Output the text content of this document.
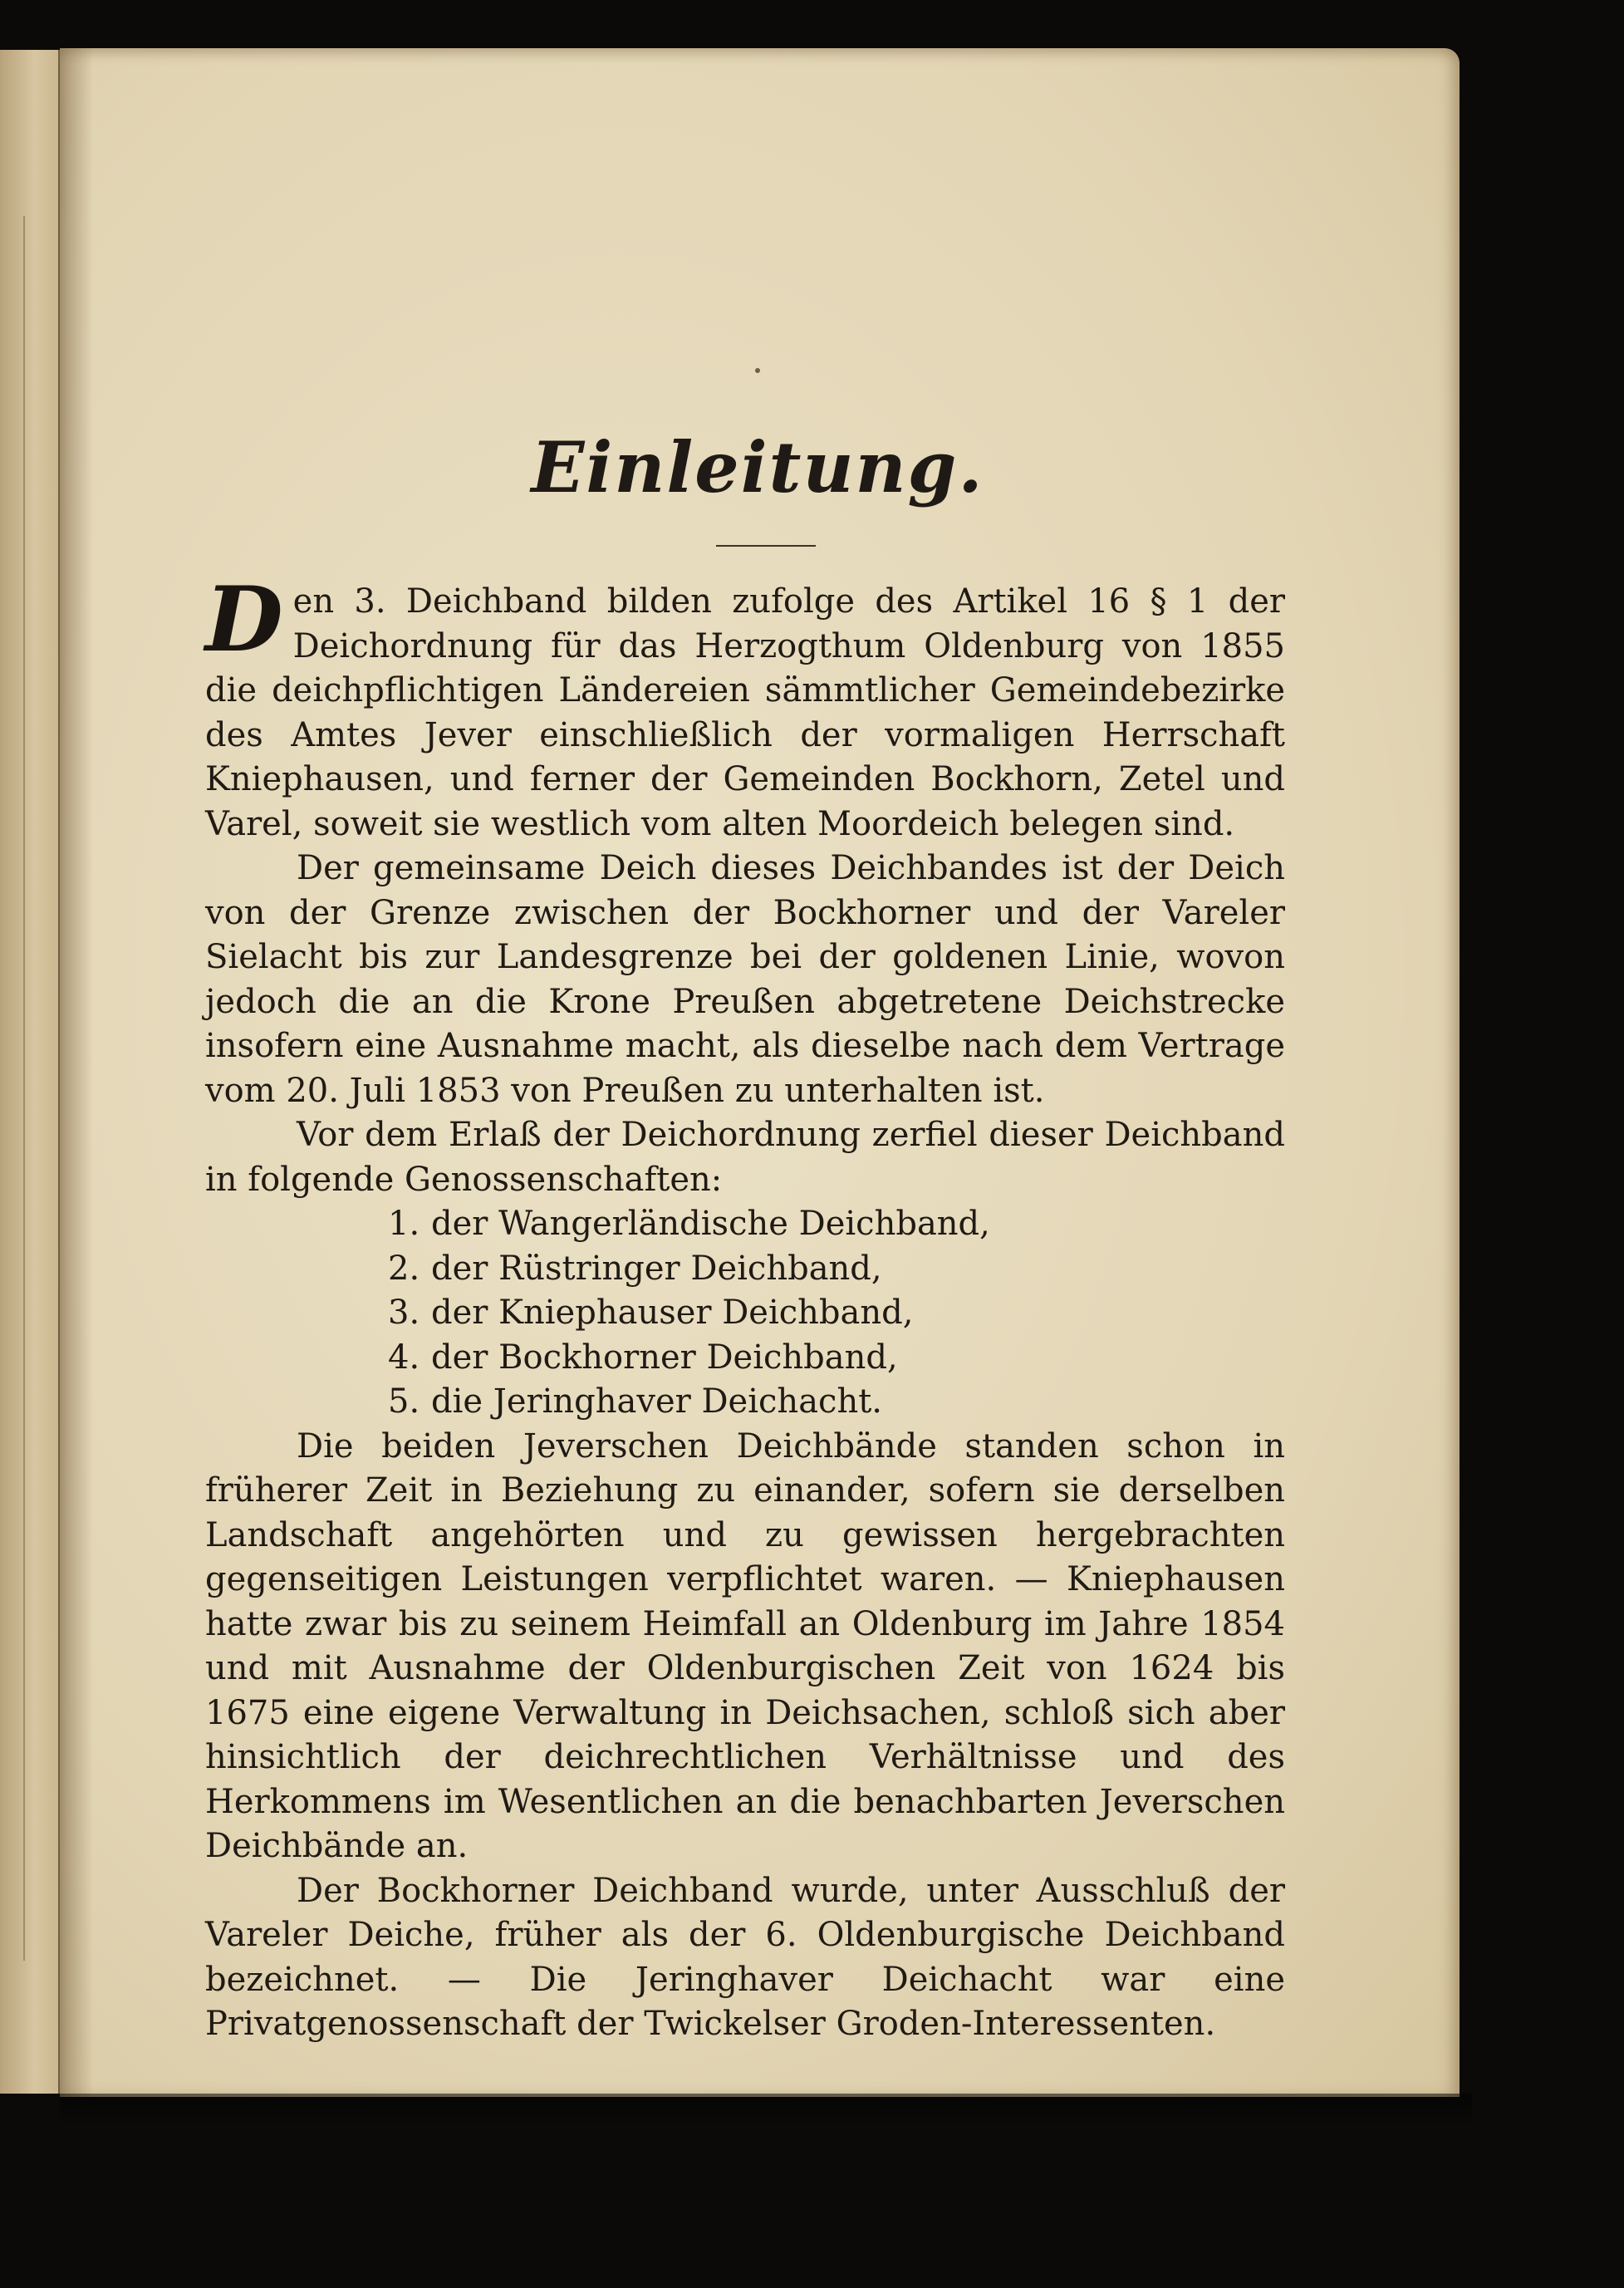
Einleitung.

Den 3. Deichband bilden zufolge des Artikel 16 § 1 der Deichordnung für das Herzogthum Oldenburg von 1855 die deichpflichtigen Ländereien sämmtlicher Gemeindebezirke des Amtes Jever einschließlich der vormaligen Herrschaft Kniephausen, und ferner der Gemeinden Bockhorn, Zetel und Varel, soweit sie westlich vom alten Moordeich belegen sind.

Der gemeinsame Deich dieses Deichbandes ist der Deich von der Grenze zwischen der Bockhorner und der Vareler Sielacht bis zur Landesgrenze bei der goldenen Linie, wovon jedoch die an die Krone Preußen abgetretene Deichstrecke insofern eine Ausnahme macht, als dieselbe nach dem Vertrage vom 20. Juli 1853 von Preußen zu unterhalten ist.

Vor dem Erlaß der Deichordnung zerfiel dieser Deichband in folgende Genossenschaften:

1. der Wangerländische Deichband,
2. der Rüstringer Deichband,
3. der Kniephauser Deichband,
4. der Bockhorner Deichband,
5. die Jeringhaver Deichacht.

Die beiden Jeverschen Deichbände standen schon in früherer Zeit in Beziehung zu einander, sofern sie derselben Landschaft angehörten und zu gewissen hergebrachten gegenseitigen Leistungen verpflichtet waren. — Kniephausen hatte zwar bis zu seinem Heimfall an Oldenburg im Jahre 1854 und mit Ausnahme der Oldenburgischen Zeit von 1624 bis 1675 eine eigene Verwaltung in Deichsachen, schloß sich aber hinsichtlich der deichrechtlichen Verhältnisse und des Herkommens im Wesentlichen an die benachbarten Jeverschen Deichbände an.

Der Bockhorner Deichband wurde, unter Ausschluß der Vareler Deiche, früher als der 6. Oldenburgische Deichband bezeichnet. — Die Jeringhaver Deichacht war eine Privatgenossenschaft der Twickelser Groden-Interessenten.
